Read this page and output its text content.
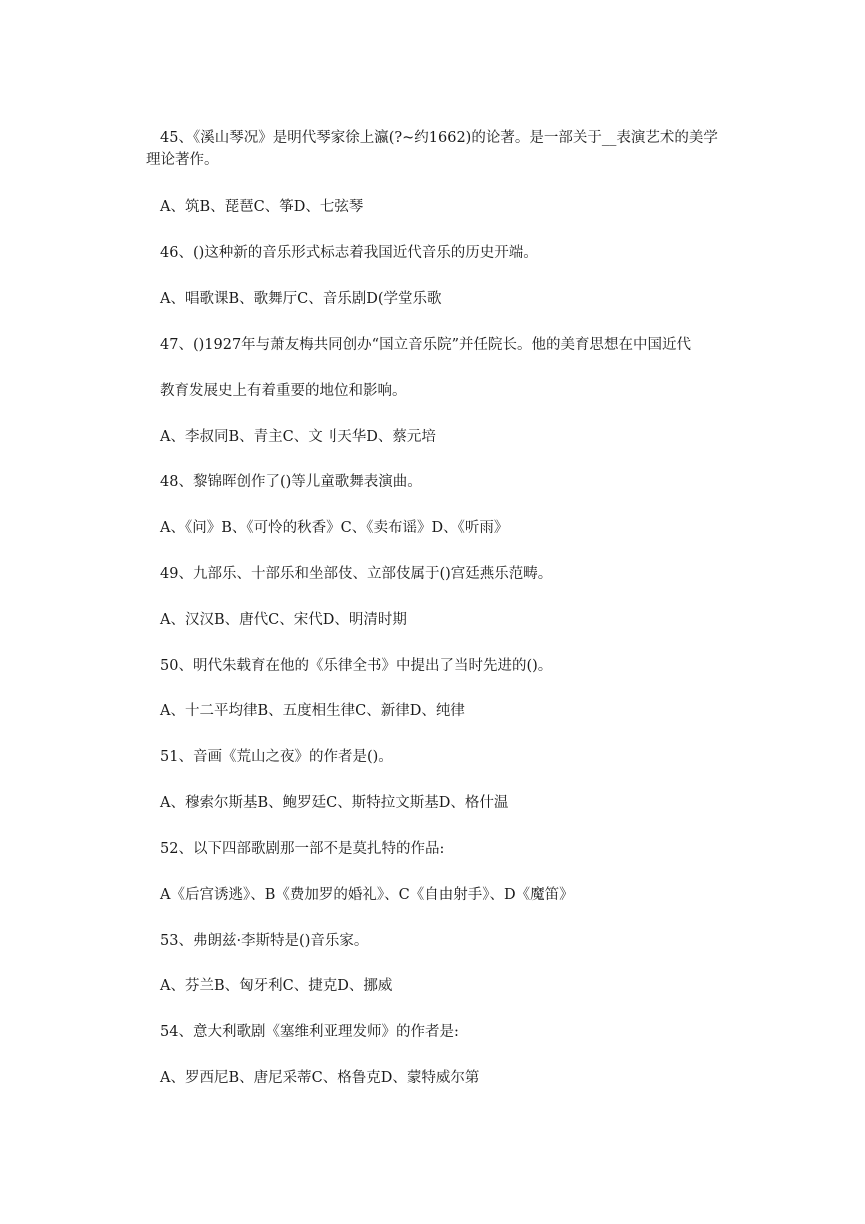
45、《溪山琴况》是明代琴家徐上瀛(?~约1662)的论著。是一部关于__表演艺术的美学
理论著作。
A、筑B、琵琶C、筝D、七弦琴
46、()这种新的音乐形式标志着我国近代音乐的历史开端。
A、唱歌课B、歌舞厅C、音乐剧D(学堂乐歌
47、()1927年与萧友梅共同创办“国立音乐院”并任院长。他的美育思想在中国近代
教育发展史上有着重要的地位和影响。
A、李叔同B、青主C、文刂天华D、蔡元培
48、黎锦晖创作了()等儿童歌舞表演曲。
A、《问》B、《可怜的秋香》C、《卖布谣》D、《听雨》
49、九部乐、十部乐和坐部伎、立部伎属于()宫廷燕乐范畴。
A、汉汉B、唐代C、宋代D、明清时期
50、明代朱载育在他的《乐律全书》中提出了当时先进的()。
A、十二平均律B、五度相生律C、新律D、纯律
51、音画《荒山之夜》的作者是()。
A、穆索尔斯基B、鲍罗廷C、斯特拉文斯基D、格什温
52、以下四部歌剧那一部不是莫扎特的作品:
A《后宫诱逃》、B《费加罗的婚礼》、C《自由射手》、D《魔笛》
53、弗朗兹·李斯特是()音乐家。
A、芬兰B、匈牙利C、捷克D、挪威
54、意大利歌剧《塞维利亚理发师》的作者是:
A、罗西尼B、唐尼采蒂C、格鲁克D、蒙特威尔第
